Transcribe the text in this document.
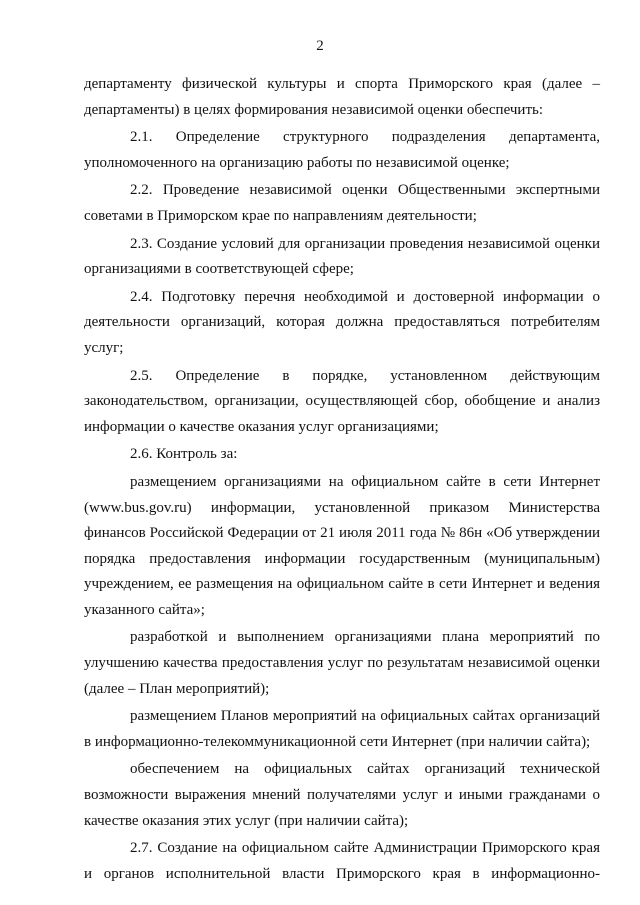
2

департаменту физической культуры и спорта Приморского края (далее – департаменты) в целях формирования независимой оценки обеспечить:

2.1. Определение структурного подразделения департамента, уполномоченного на организацию работы по независимой оценке;

2.2. Проведение независимой оценки Общественными экспертными советами в Приморском крае по направлениям деятельности;

2.3. Создание условий для организации проведения независимой оценки организациями в соответствующей сфере;

2.4. Подготовку перечня необходимой и достоверной информации о деятельности организаций, которая должна предоставляться потребителям услуг;

2.5. Определение в порядке, установленном действующим законодательством, организации, осуществляющей сбор, обобщение и анализ информации о качестве оказания услуг организациями;

2.6. Контроль за:

размещением организациями на официальном сайте в сети Интернет (www.bus.gov.ru) информации, установленной приказом Министерства финансов Российской Федерации от 21 июля 2011 года № 86н «Об утверждении порядка предоставления информации государственным (муниципальным) учреждением, ее размещения на официальном сайте в сети Интернет и ведения указанного сайта»;

разработкой и выполнением организациями плана мероприятий по улучшению качества предоставления услуг по результатам независимой оценки (далее – План мероприятий);

размещением Планов мероприятий на официальных сайтах организаций в информационно-телекоммуникационной сети Интернет (при наличии сайта);

обеспечением на официальных сайтах организаций технической возможности выражения мнений получателями услуг и иными гражданами о качестве оказания этих услуг (при наличии сайта);

2.7. Создание на официальном сайте Администрации Приморского края и органов исполнительной власти Приморского края в информационно-
